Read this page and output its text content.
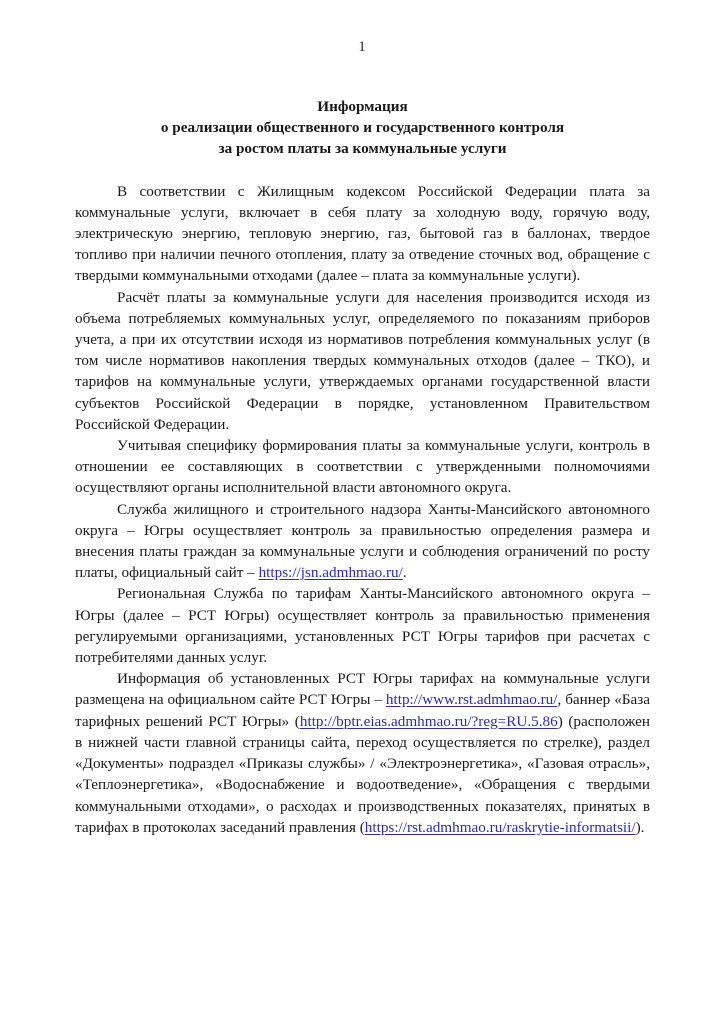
1
Информация
о реализации общественного и государственного контроля
за ростом платы за коммунальные услуги

В соответствии с Жилищным кодексом Российской Федерации плата за коммунальные услуги, включает в себя плату за холодную воду, горячую воду, электрическую энергию, тепловую энергию, газ, бытовой газ в баллонах, твердое топливо при наличии печного отопления, плату за отведение сточных вод, обращение с твердыми коммунальными отходами (далее – плата за коммунальные услуги).

Расчёт платы за коммунальные услуги для населения производится исходя из объема потребляемых коммунальных услуг, определяемого по показаниям приборов учета, а при их отсутствии исходя из нормативов потребления коммунальных услуг (в том числе нормативов накопления твердых коммунальных отходов (далее – ТКО), и тарифов на коммунальные услуги, утверждаемых органами государственной власти субъектов Российской Федерации в порядке, установленном Правительством Российской Федерации.

Учитывая специфику формирования платы за коммунальные услуги, контроль в отношении ее составляющих в соответствии с утвержденными полномочиями осуществляют органы исполнительной власти автономного округа.

Служба жилищного и строительного надзора Ханты-Мансийского автономного округа – Югры осуществляет контроль за правильностью определения размера и внесения платы граждан за коммунальные услуги и соблюдения ограничений по росту платы, официальный сайт – https://jsn.admhmao.ru/.

Региональная Служба по тарифам Ханты-Мансийского автономного округа – Югры (далее – РСТ Югры) осуществляет контроль за правильностью применения регулируемыми организациями, установленных РСТ Югры тарифов при расчетах с потребителями данных услуг.

Информация об установленных РСТ Югры тарифах на коммунальные услуги размещена на официальном сайте РСТ Югры – http://www.rst.admhmao.ru/, баннер «База тарифных решений РСТ Югры» (http://bptr.eias.admhmao.ru/?reg=RU.5.86) (расположен в нижней части главной страницы сайта, переход осуществляется по стрелке), раздел «Документы» подраздел «Приказы службы» / «Электроэнергетика», «Газовая отрасль», «Теплоэнергетика», «Водоснабжение и водоотведение», «Обращения с твердыми коммунальными отходами», о расходах и производственных показателях, принятых в тарифах в протоколах заседаний правления (https://rst.admhmao.ru/raskrytie-informatsii/).
